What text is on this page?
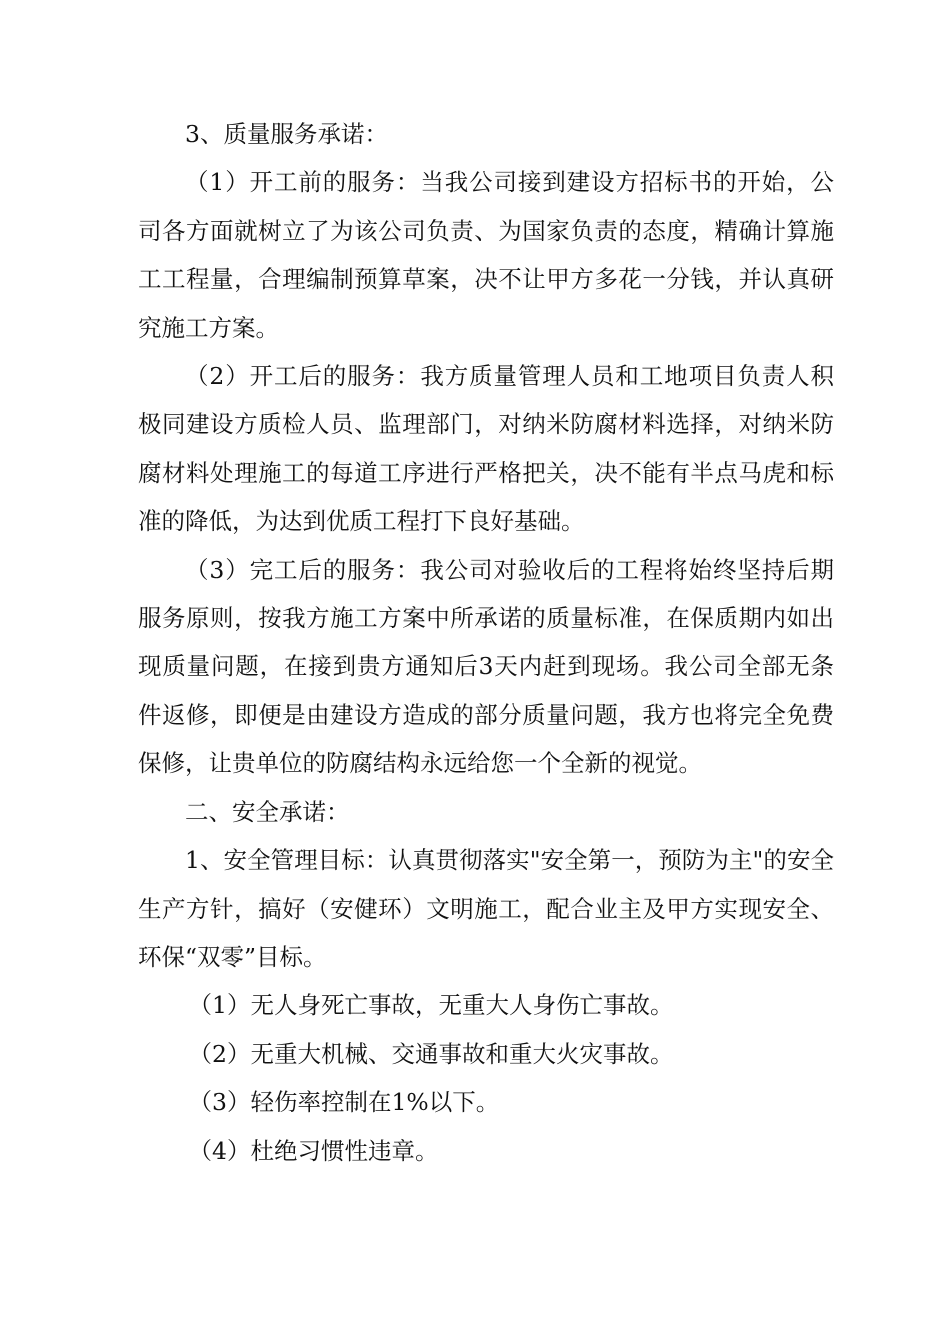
3、质量服务承诺：

（1）开工前的服务：当我公司接到建设方招标书的开始，公司各方面就树立了为该公司负责、为国家负责的态度，精确计算施工工程量，合理编制预算草案，决不让甲方多花一分钱，并认真研究施工方案。

（2）开工后的服务：我方质量管理人员和工地项目负责人积极同建设方质检人员、监理部门，对纳米防腐材料选择，对纳米防腐材料处理施工的每道工序进行严格把关，决不能有半点马虎和标准的降低，为达到优质工程打下良好基础。

（3）完工后的服务：我公司对验收后的工程将始终坚持后期服务原则，按我方施工方案中所承诺的质量标准，在保质期内如出现质量问题，在接到贵方通知后3天内赶到现场。我公司全部无条件返修，即便是由建设方造成的部分质量问题，我方也将完全免费保修，让贵单位的防腐结构永远给您一个全新的视觉。

二、安全承诺：

1、安全管理目标：认真贯彻落实"安全第一，预防为主"的安全生产方针，搞好（安健环）文明施工，配合业主及甲方实现安全、环保“双零”目标。

（1）无人身死亡事故，无重大人身伤亡事故。

（2）无重大机械、交通事故和重大火灾事故。

（3）轻伤率控制在1%以下。

（4）杜绝习惯性违章。
